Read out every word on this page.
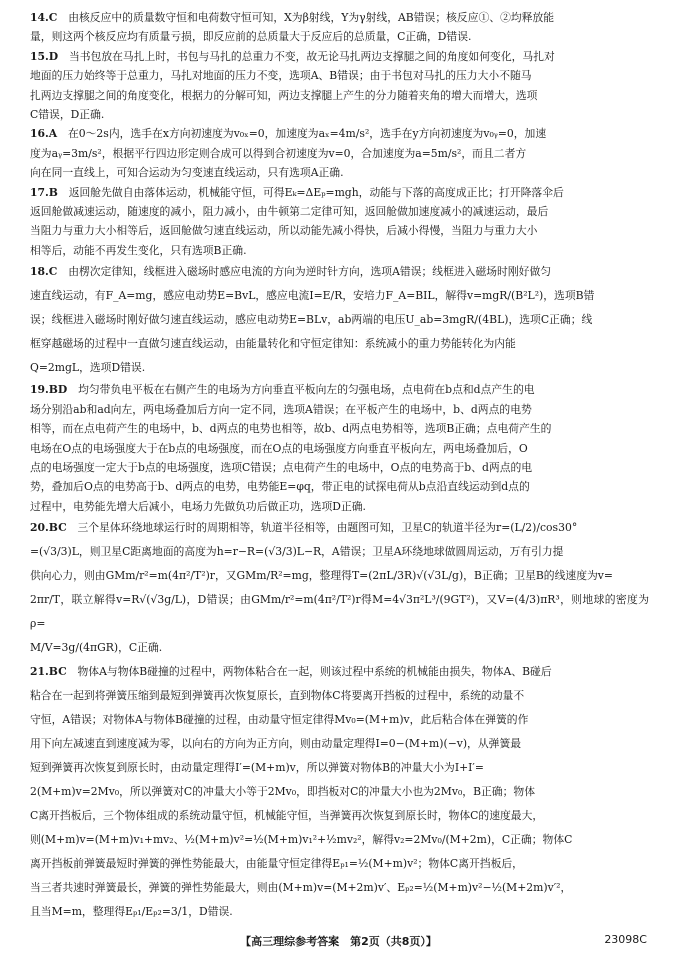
14.C　 由核反应中的质量数守恒和电荷数守恒可知，X为β射线，Y为γ射线，AB错误；核反应①、②均释放能

量，则这两个核反应均有质量亏损，即反应前的总质量大于反应后的总质量，C正确，D错误.

15.D　 当书包放在马扎上时，书包与马扎的总重力不变，故无论马扎两边支撑腿之间的角度如何变化，马扎对

地面的压力始终等于总重力，马扎对地面的压力不变，选项A、B错误；由于书包对马扎的压力大小不随马

扎两边支撑腿之间的角度变化，根据力的分解可知，两边支撑腿上产生的分力随着夹角的增大而增大，选项

C错误，D正确.

16.A　 在0～2s内，选手在x方向初速度为v₀ₓ=0，加速度为aₓ=4m/s²，选手在y方向初速度为v₀ᵧ=0，加速

度为aᵧ=3m/s²，根据平行四边形定则合成可以得到合初速度为v=0，合加速度为a=5m/s²，而且二者方

向在同一直线上，可知合运动为匀变速直线运动，只有选项A正确.

17.B　 返回舱先做自由落体运动，机械能守恒，可得Eₖ=ΔEₚ=mgh，动能与下落的高度成正比；打开降落伞后

返回舱做减速运动，随速度的减小，阻力减小，由牛顿第二定律可知，返回舱做加速度减小的减速运动，最后

当阻力与重力大小相等后，返回舱做匀速直线运动，所以动能先减小得快，后减小得慢，当阻力与重力大小

相等后，动能不再发生变化，只有选项B正确.

18.C　 由楞次定律知，线框进入磁场时感应电流的方向为逆时针方向，选项A错误；线框进入磁场时刚好做匀

速直线运动，有F_A=mg，感应电动势E=BvL，感应电流I=E/R，安培力F_A=BIL，解得v=mgR/(B²L²)，选项B错

误；线框进入磁场时刚好做匀速直线运动，感应电动势E=BLv，ab两端的电压U_ab=3mgR/(4BL)，选项C正确；线

框穿越磁场的过程中一直做匀速直线运动，由能量转化和守恒定律知：系统减小的重力势能转化为内能

Q=2mgL，选项D错误.

19.BD　 均匀带负电平板在右侧产生的电场为方向垂直平板向左的匀强电场，点电荷在b点和d点产生的电

场分别沿ab和ad向左，两电场叠加后方向一定不同，选项A错误；在平板产生的电场中，b、d两点的电势

相等，而在点电荷产生的电场中，b、d两点的电势也相等，故b、d两点电势相等，选项B正确；点电荷产生的

电场在O点的电场强度大于在b点的电场强度，而在O点的电场强度方向垂直平板向左，两电场叠加后，O

点的电场强度一定大于b点的电场强度，选项C错误；点电荷产生的电场中，O点的电势高于b、d两点的电

势，叠加后O点的电势高于b、d两点的电势，电势能E=φq，带正电的试探电荷从b点沿直线运动到d点的

过程中，电势能先增大后减小，电场力先做负功后做正功，选项D正确.

20.BC　 三个星体环绕地球运行时的周期相等，轨道半径相等，由题图可知，卫星C的轨道半径为r=(L/2)/cos30°

=(√3/3)L，则卫星C距离地面的高度为h=r−R=(√3/3)L−R，A错误；卫星A环绕地球做圆周运动，万有引力提

供向心力，则由GMm/r²=m(4π²/T²)r，又GMm/R²=mg，整理得T=(2πL/3R)√(√3L/g)，B正确；卫星B的线速度为v=

2πr/T，联立解得v=R√(√3g/L)，D错误；由GMm/r²=m(4π²/T²)r得M=4√3π²L³/(9GT²)，又V=(4/3)πR³，则地球的密度为ρ=

M/V=3g/(4πGR)，C正确.

21.BC　 物体A与物体B碰撞的过程中，两物体粘合在一起，则该过程中系统的机械能由损失，物体A、B碰后

粘合在一起到将弹簧压缩到最短到弹簧再次恢复原长，直到物体C将要离开挡板的过程中，系统的动量不

守恒，A错误；对物体A与物体B碰撞的过程，由动量守恒定律得Mv₀=(M+m)v，此后粘合体在弹簧的作

用下向左减速直到速度减为零，以向右的方向为正方向，则由动量定理得I=0−(M+m)(−v)，从弹簧最

短到弹簧再次恢复到原长时，由动量定理得I′=(M+m)v，所以弹簧对物体B的冲量大小为I+I′=

2(M+m)v=2Mv₀，所以弹簧对C的冲量大小等于2Mv₀，即挡板对C的冲量大小也为2Mv₀，B正确；物体

C离开挡板后，三个物体组成的系统动量守恒，机械能守恒，当弹簧再次恢复到原长时，物体C的速度最大，

则(M+m)v=(M+m)v₁+mv₂、½(M+m)v²=½(M+m)v₁²+½mv₂²，解得v₂=2Mv₀/(M+2m)，C正确；物体C

离开挡板前弹簧最短时弹簧的弹性势能最大，由能量守恒定律得Eₚ₁=½(M+m)v²；物体C离开挡板后，

当三者共速时弹簧最长，弹簧的弹性势能最大，则由(M+m)v=(M+2m)v′、Eₚ₂=½(M+m)v²−½(M+2m)v′²，

且当M=m，整理得Eₚ₁/Eₚ₂=3/1，D错误.

【高三理综参考答案　第2页（共8页）】	23098C
